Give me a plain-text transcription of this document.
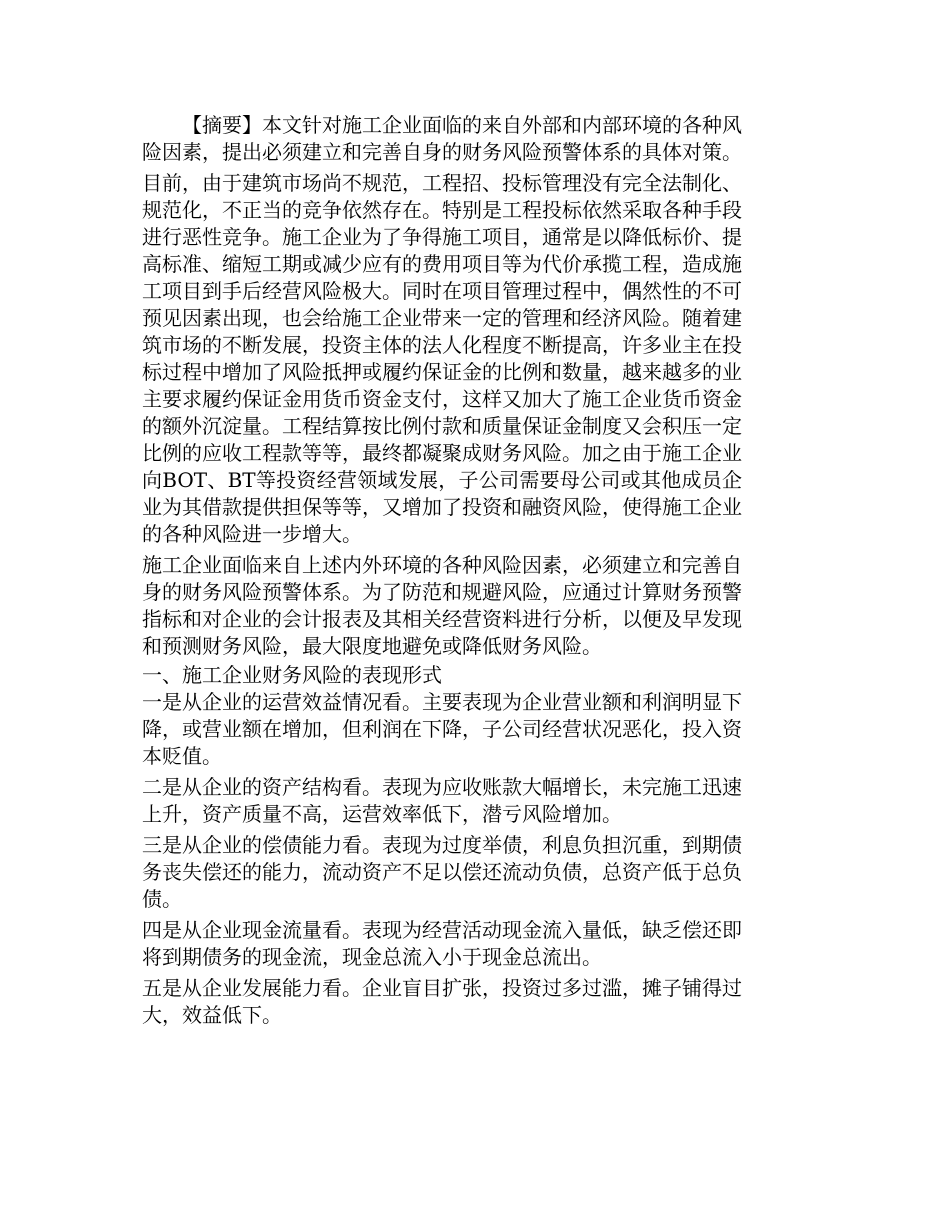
【摘要】本文针对施工企业面临的来自外部和内部环境的各种风险因素，提出必须建立和完善自身的财务风险预警体系的具体对策。

目前，由于建筑市场尚不规范，工程招、投标管理没有完全法制化、规范化，不正当的竞争依然存在。特别是工程投标依然采取各种手段进行恶性竞争。施工企业为了争得施工项目，通常是以降低标价、提高标准、缩短工期或减少应有的费用项目等为代价承揽工程，造成施工项目到手后经营风险极大。同时在项目管理过程中，偶然性的不可预见因素出现，也会给施工企业带来一定的管理和经济风险。随着建筑市场的不断发展，投资主体的法人化程度不断提高，许多业主在投标过程中增加了风险抵押或履约保证金的比例和数量，越来越多的业主要求履约保证金用货币资金支付，这样又加大了施工企业货币资金的额外沉淀量。工程结算按比例付款和质量保证金制度又会积压一定比例的应收工程款等等，最终都凝聚成财务风险。加之由于施工企业向BOT、BT等投资经营领域发展，子公司需要母公司或其他成员企业为其借款提供担保等等，又增加了投资和融资风险，使得施工企业的各种风险进一步增大。

施工企业面临来自上述内外环境的各种风险因素，必须建立和完善自身的财务风险预警体系。为了防范和规避风险，应通过计算财务预警指标和对企业的会计报表及其相关经营资料进行分析，以便及早发现和预测财务风险，最大限度地避免或降低财务风险。

一、施工企业财务风险的表现形式

一是从企业的运营效益情况看。主要表现为企业营业额和利润明显下降，或营业额在增加，但利润在下降，子公司经营状况恶化，投入资本贬值。

二是从企业的资产结构看。表现为应收账款大幅增长，未完施工迅速上升，资产质量不高，运营效率低下，潜亏风险增加。

三是从企业的偿债能力看。表现为过度举债，利息负担沉重，到期债务丧失偿还的能力，流动资产不足以偿还流动负债，总资产低于总负债。

四是从企业现金流量看。表现为经营活动现金流入量低，缺乏偿还即将到期债务的现金流，现金总流入小于现金总流出。

五是从企业发展能力看。企业盲目扩张，投资过多过滥，摊子铺得过大，效益低下。
